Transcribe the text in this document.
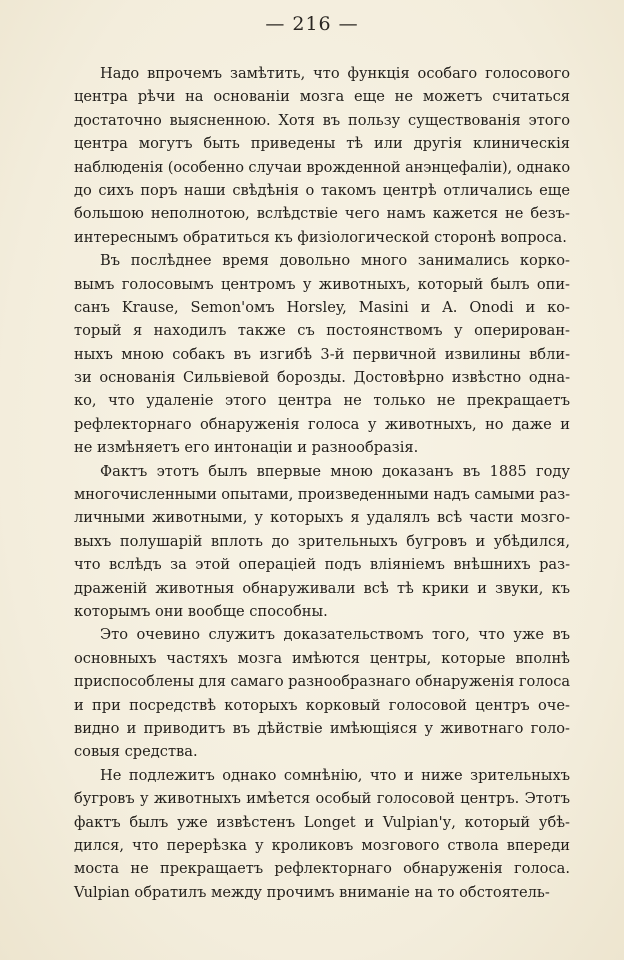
— 216 —
Надо впрочемъ замѣтить, что функція особаго голосового
центра рѣчи на основаніи мозга еще не можетъ считаться
достаточно выясненною. Хотя въ пользу существованія этого
центра могутъ быть приведены тѣ или другія клиническія
наблюденія (особенно случаи врожденной анэнцефаліи), однако
до сихъ поръ наши свѣдѣнія о такомъ центрѣ отличались еще
большою неполнотою, вслѣдствіе чего намъ кажется не безъ-
интереснымъ обратиться къ физіологической сторонѣ вопроса.
Въ послѣднее время довольно много занимались корко-
вымъ голосовымъ центромъ у животныхъ, который былъ опи-
санъ Krause, Semon'омъ Horsley, Masini и A. Onodi и ко-
торый я находилъ также съ постоянствомъ у оперирован-
ныхъ мною собакъ въ изгибѣ 3-й первичной извилины вбли-
зи основанія Сильвіевой борозды. Достовѣрно извѣстно одна-
ко, что удаленіе этого центра не только не прекращаетъ
рефлекторнаго обнаруженія голоса у животныхъ, но даже и
не измѣняетъ его интонаціи и разнообразія.
Фактъ этотъ былъ впервые мною доказанъ въ 1885 году
многочисленными опытами, произведенными надъ самыми раз-
личными животными, у которыхъ я удалялъ всѣ части мозго-
выхъ полушарій вплоть до зрительныхъ бугровъ и убѣдился,
что вслѣдъ за этой операціей подъ вліяніемъ внѣшнихъ раз-
драженій животныя обнаруживали всѣ тѣ крики и звуки, къ
которымъ они вообще способны.
Это очевино служитъ доказательствомъ того, что уже въ
основныхъ частяхъ мозга имѣются центры, которые вполнѣ
приспособлены для самаго разнообразнаго обнаруженія голоса
и при посредствѣ которыхъ корковый голосовой центръ оче-
видно и приводитъ въ дѣйствіе имѣющіяся у животнаго голо-
совыя средства.
Не подлежитъ однако сомнѣнію, что и ниже зрительныхъ
бугровъ у животныхъ имѣется особый голосовой центръ. Этотъ
фактъ былъ уже извѣстенъ Longet и Vulpian'у, который убѣ-
дился, что перерѣзка у кроликовъ мозгового ствола впереди
моста не прекращаетъ рефлекторнаго обнаруженія голоса.
Vulpian обратилъ между прочимъ вниманіе на то обстоятель-
